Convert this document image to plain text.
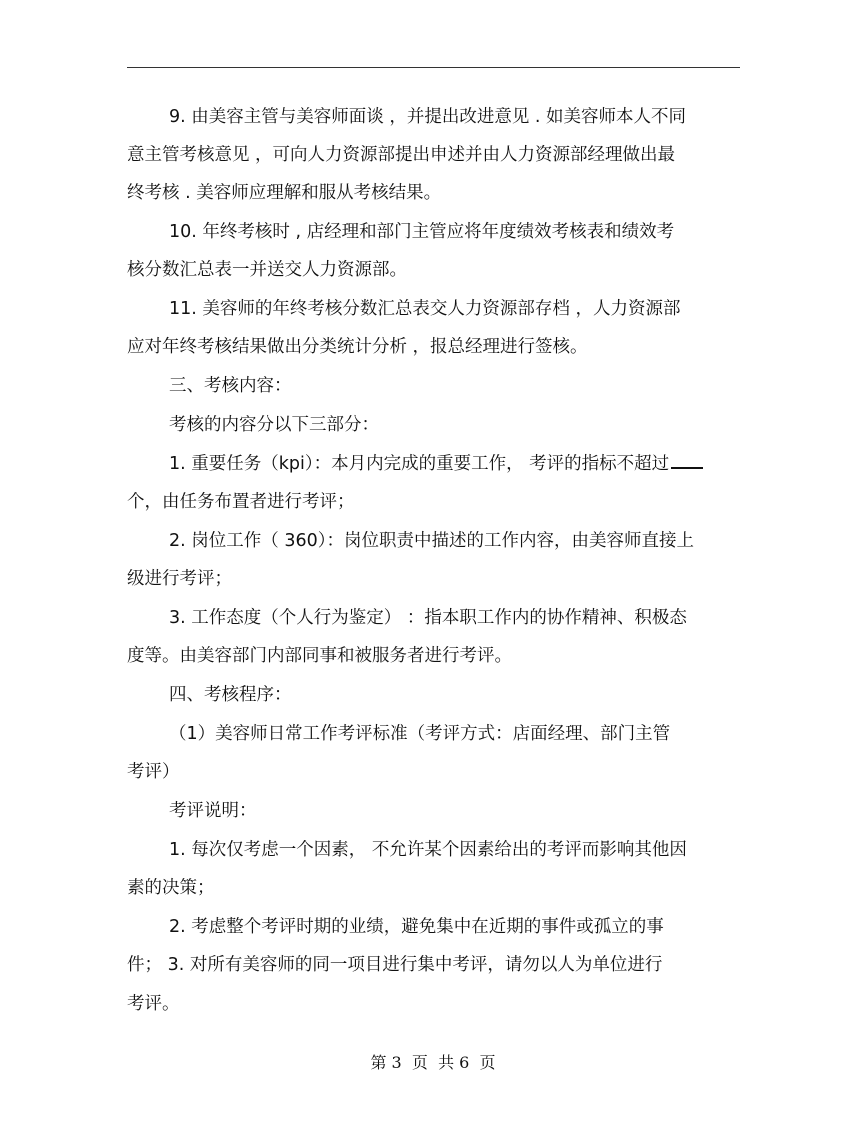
9. 由美容主管与美容师面谈 ，并提出改进意见 . 如美容师本人不同
意主管考核意见 ，可向人力资源部提出申述并由人力资源部经理做出最
终考核 . 美容师应理解和服从考核结果。
10. 年终考核时 , 店经理和部门主管应将年度绩效考核表和绩效考
核分数汇总表一并送交人力资源部。
11. 美容师的年终考核分数汇总表交人力资源部存档 ，人力资源部
应对年终考核结果做出分类统计分析 ，报总经理进行签核。
三、考核内容：
考核的内容分以下三部分：
1. 重要任务（kpi）：本月内完成的重要工作， 考评的指标不超过
个，由任务布置者进行考评；
2. 岗位工作（ 360）：岗位职责中描述的工作内容，由美容师直接上
级进行考评；
3. 工作态度（个人行为鉴定） ：指本职工作内的协作精神、积极态
度等。由美容部门内部同事和被服务者进行考评。
四、考核程序：
（1）美容师日常工作考评标准（考评方式：店面经理、部门主管
考评）
考评说明：
1. 每次仅考虑一个因素， 不允许某个因素给出的考评而影响其他因
素的决策；
2. 考虑整个考评时期的业绩，避免集中在近期的事件或孤立的事
件； 3. 对所有美容师的同一项目进行集中考评，请勿以人为单位进行
考评。
第 3  页  共 6  页
